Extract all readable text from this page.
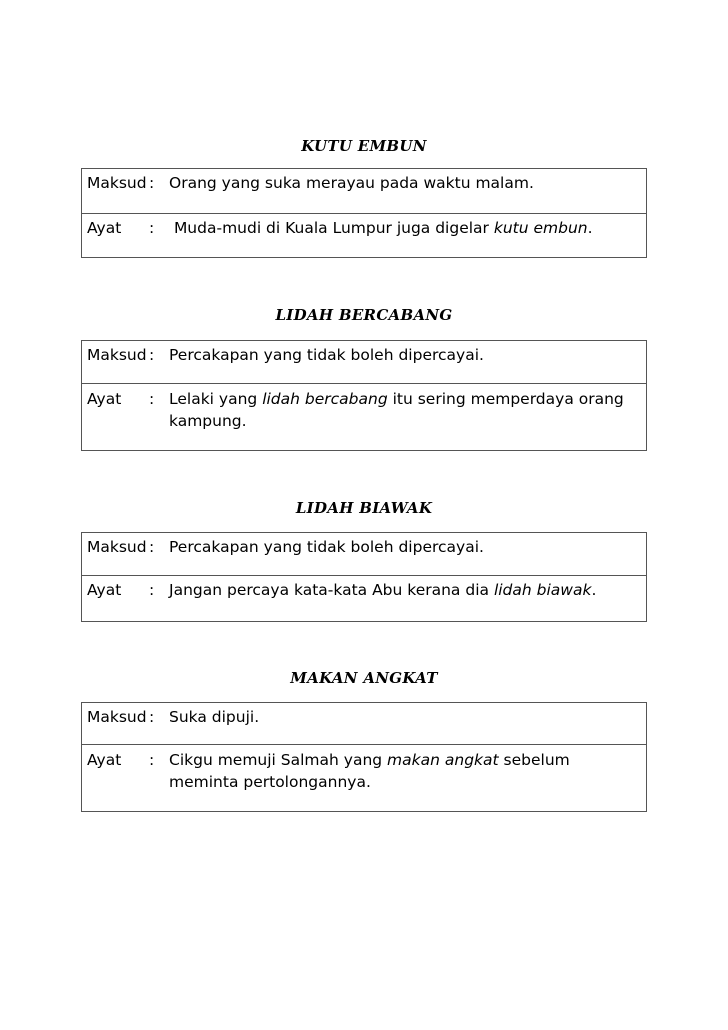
KUTU EMBUN
Maksud : Orang yang suka merayau pada waktu malam.
Ayat	: Muda-mudi di Kuala Lumpur juga digelar kutu embun.
LIDAH BERCABANG
Maksud : Percakapan yang tidak boleh dipercayai.
Ayat	: Lelaki yang lidah bercabang itu sering memperdaya orang kampung.
LIDAH BIAWAK
Maksud : Percakapan yang tidak boleh dipercayai.
Ayat	: Jangan percaya kata-kata Abu kerana dia lidah biawak.
MAKAN ANGKAT
Maksud : Suka dipuji.
Ayat	: Cikgu memuji Salmah yang makan angkat sebelum meminta pertolongannya.
